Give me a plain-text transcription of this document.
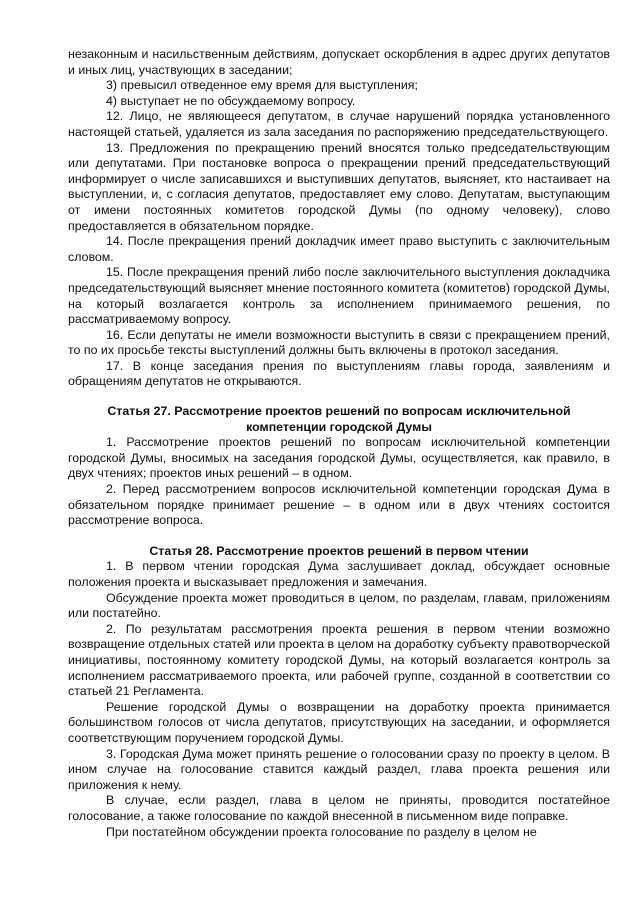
незаконным и насильственным действиям, допускает оскорбления в адрес других депутатов и иных лиц, участвующих в заседании;

3) превысил отведенное ему время для выступления;

4) выступает не по обсуждаемому вопросу.

12. Лицо, не являющееся депутатом, в случае нарушений порядка установленного настоящей статьей, удаляется из зала заседания по распоряжению председательствующего.

13. Предложения по прекращению прений вносятся только председательствующим или депутатами. При постановке вопроса о прекращении прений председательствующий информирует о числе записавшихся и выступивших депутатов, выясняет, кто настаивает на выступлении, и, с согласия депутатов, предоставляет ему слово. Депутатам, выступающим от имени постоянных комитетов городской Думы (по одному человеку), слово предоставляется в обязательном порядке.

14. После прекращения прений докладчик имеет право выступить с заключительным словом.

15. После прекращения прений либо после заключительного выступления докладчика председательствующий выясняет мнение постоянного комитета (комитетов) городской Думы, на который возлагается контроль за исполнением принимаемого решения, по рассматриваемому вопросу.

16. Если депутаты не имели возможности выступить в связи с прекращением прений, то по их просьбе тексты выступлений должны быть включены в протокол заседания.

17. В конце заседания прения по выступлениям главы города, заявлениям и обращениям депутатов не открываются.

Статья 27. Рассмотрение проектов решений по вопросам исключительной

компетенции городской Думы

1. Рассмотрение проектов решений по вопросам исключительной компетенции городской Думы, вносимых на заседания городской Думы, осуществляется, как правило, в двух чтениях; проектов иных решений – в одном.

2. Перед рассмотрением вопросов исключительной компетенции городская Дума в обязательном порядке принимает решение – в одном или в двух чтениях состоится рассмотрение вопроса.

Статья 28. Рассмотрение проектов решений в первом чтении

1. В первом чтении городская Дума заслушивает доклад, обсуждает основные положения проекта и высказывает предложения и замечания.

Обсуждение проекта может проводиться в целом, по разделам, главам, приложениям или постатейно.

2. По результатам рассмотрения проекта решения в первом чтении возможно возвращение отдельных статей или проекта в целом на доработку субъекту правотворческой инициативы, постоянному комитету городской Думы, на который возлагается контроль за исполнением рассматриваемого проекта, или рабочей группе, созданной в соответствии со статьей 21 Регламента.

Решение городской Думы о возвращении на доработку проекта принимается большинством голосов от числа депутатов, присутствующих на заседании, и оформляется соответствующим поручением городской Думы.

3. Городская Дума может принять решение о голосовании сразу по проекту в целом. В ином случае на голосование ставится каждый раздел, глава проекта решения или приложения к нему.

В случае, если раздел, глава в целом не приняты, проводится постатейное голосование, а также голосование по каждой внесенной в письменном виде поправке.

При постатейном обсуждении проекта голосование по разделу в целом не
